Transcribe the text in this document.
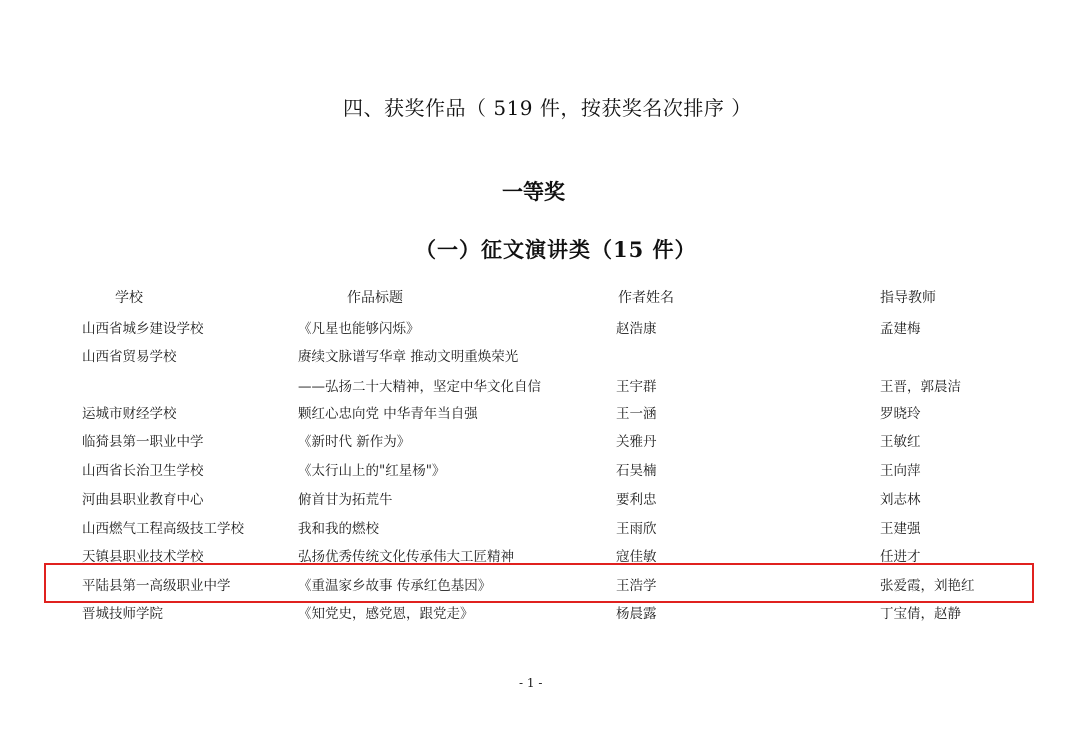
四、获奖作品（ 519 件，按获奖名次排序 ）
一等奖
（一）征文演讲类（15 件）
学校	作品标题	作者姓名	指导教师
山西省城乡建设学校	《凡星也能够闪烁》	赵浩康	孟建梅
山西省贸易学校	赓续文脉谱写华章 推动文明重焕荣光
——弘扬二十大精神，坚定中华文化自信	王宇群	王晋，郭晨洁
运城市财经学校	颗红心忠向党 中华青年当自强	王一涵	罗晓玲
临猗县第一职业中学	《新时代 新作为》	关雅丹	王敏红
山西省长治卫生学校	《太行山上的"红星杨"》	石昊楠	王向萍
河曲县职业教育中心	俯首甘为拓荒牛	要利忠	刘志林
山西燃气工程高级技工学校	我和我的燃校	王雨欣	王建强
天镇县职业技术学校	弘扬优秀传统文化传承伟大工匠精神	寇佳敏	任进才
平陆县第一高级职业中学	《重温家乡故事 传承红色基因》	王浩学	张爱霞，刘艳红
晋城技师学院	《知党史，感党恩，跟党走》	杨晨露	丁宝倩，赵静
- 1 -
